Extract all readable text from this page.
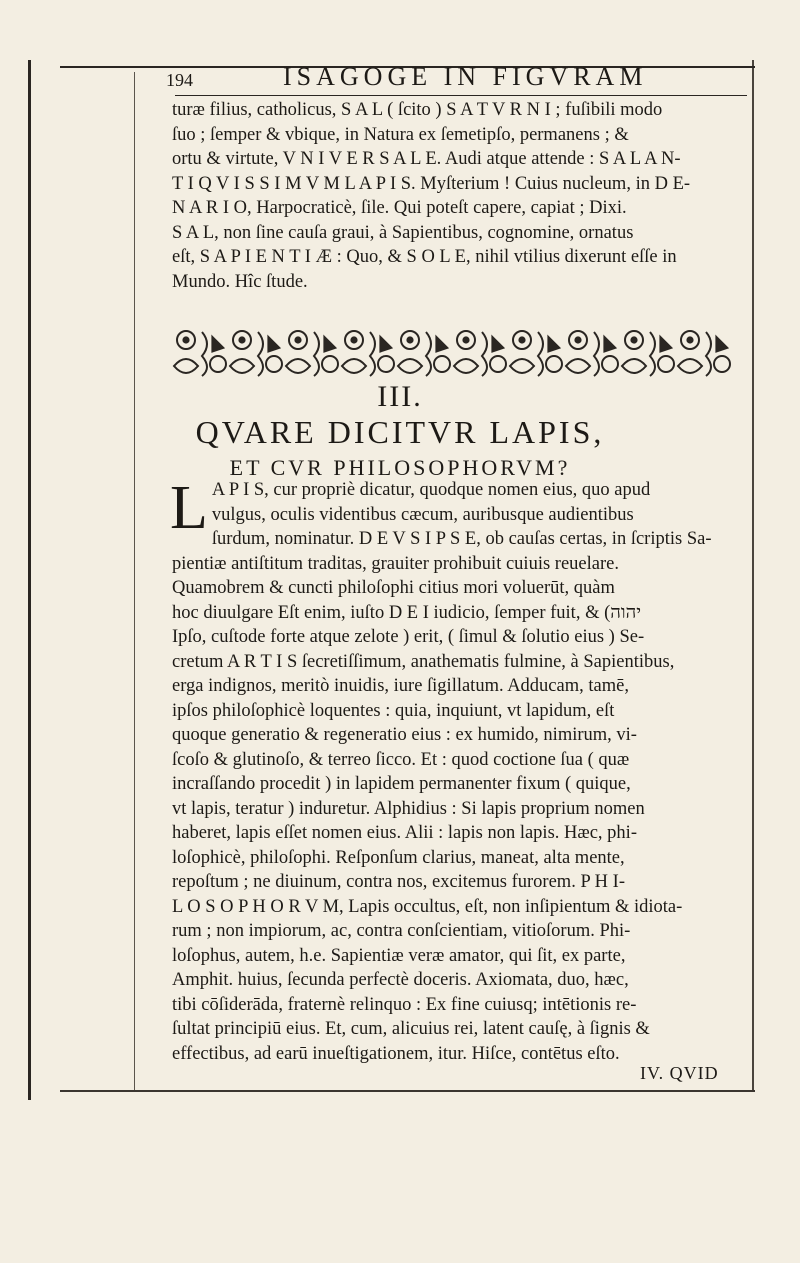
194	ISAGOGE IN FIGVRAM

turæ filius, catholicus, S A L ( ſcito ) S A T V R N I ; fuſibili modo

ſuo ; ſemper & vbique, in Natura ex ſemetipſo, permanens ; &

ortu & virtute, V N I V E R S A L E. Audi atque attende : S A L A N-

T I Q V I S S I M V M L A P I S. Myſterium ! Cuius nucleum, in D E-

N A R I O, Harpocraticè, ſile. Qui poteſt capere, capiat ; Dixi.

S A L, non ſine cauſa graui, à Sapientibus, cognomine, ornatus

eſt, S A P I E N T I Æ : Quo, & S O L E, nihil vtilius dixerunt eſſe in

Mundo. Hîc ſtude.

III.
QVARE DICITVR LAPIS,
ET CVR PHILOSOPHORVM?
L A P I S, cur propriè dicatur, quodque nomen eius, quo apud

vulgus, oculis videntibus cæcum, auribusque audientibus

ſurdum, nominatur. D E V S I P S E, ob cauſas certas, in ſcriptis Sa-

pientiæ antiſtitum traditas, grauiter prohibuit cuiuis reuelare.

Quamobrem & cuncti philoſophi citius mori voluerūt, quàm

hoc diuulgare Eſt enim, iuſto D E I iudicio, ſemper fuit, & (יהוה

Ipſo, cuſtode forte atque zelote ) erit, ( ſimul & ſolutio eius ) Se-

cretum A R T I S ſecretiſſimum, anathematis fulmine, à Sapientibus,

erga indignos, meritò inuidis, iure ſigillatum. Adducam, tamē,

ipſos philoſophicè loquentes : quia, inquiunt, vt lapidum, eſt

quoque generatio & regeneratio eius : ex humido, nimirum, vi-

ſcoſo & glutinoſo, & terreo ſicco. Et : quod coctione ſua ( quæ

incraſſando procedit ) in lapidem permanenter fixum ( quique,

vt lapis, teratur ) induretur. Alphidius : Si lapis proprium nomen

haberet, lapis eſſet nomen eius. Alii : lapis non lapis. Hæc, phi-

loſophicè, philoſophi. Reſponſum clarius, maneat, alta mente,

repoſtum ; ne diuinum, contra nos, excitemus furorem. P H I-

L O S O P H O R V M, Lapis occultus, eſt, non inſipientum & idiota-

rum ; non impiorum, ac, contra conſcientiam, vitioſorum. Phi-

loſophus, autem, h.e. Sapientiæ veræ amator, qui ſit, ex parte,

Amphit. huius, ſecunda perfectè doceris. Axiomata, duo, hæc,

tibi cōſiderāda, fraternè relinquo : Ex fine cuiusq; intētionis re-

ſultat principiū eius. Et, cum, alicuius rei, latent cauſę, à ſignis &

effectibus, ad earū inueſtigationem, itur. Hiſce, contētus eſto.

IV. QVID
